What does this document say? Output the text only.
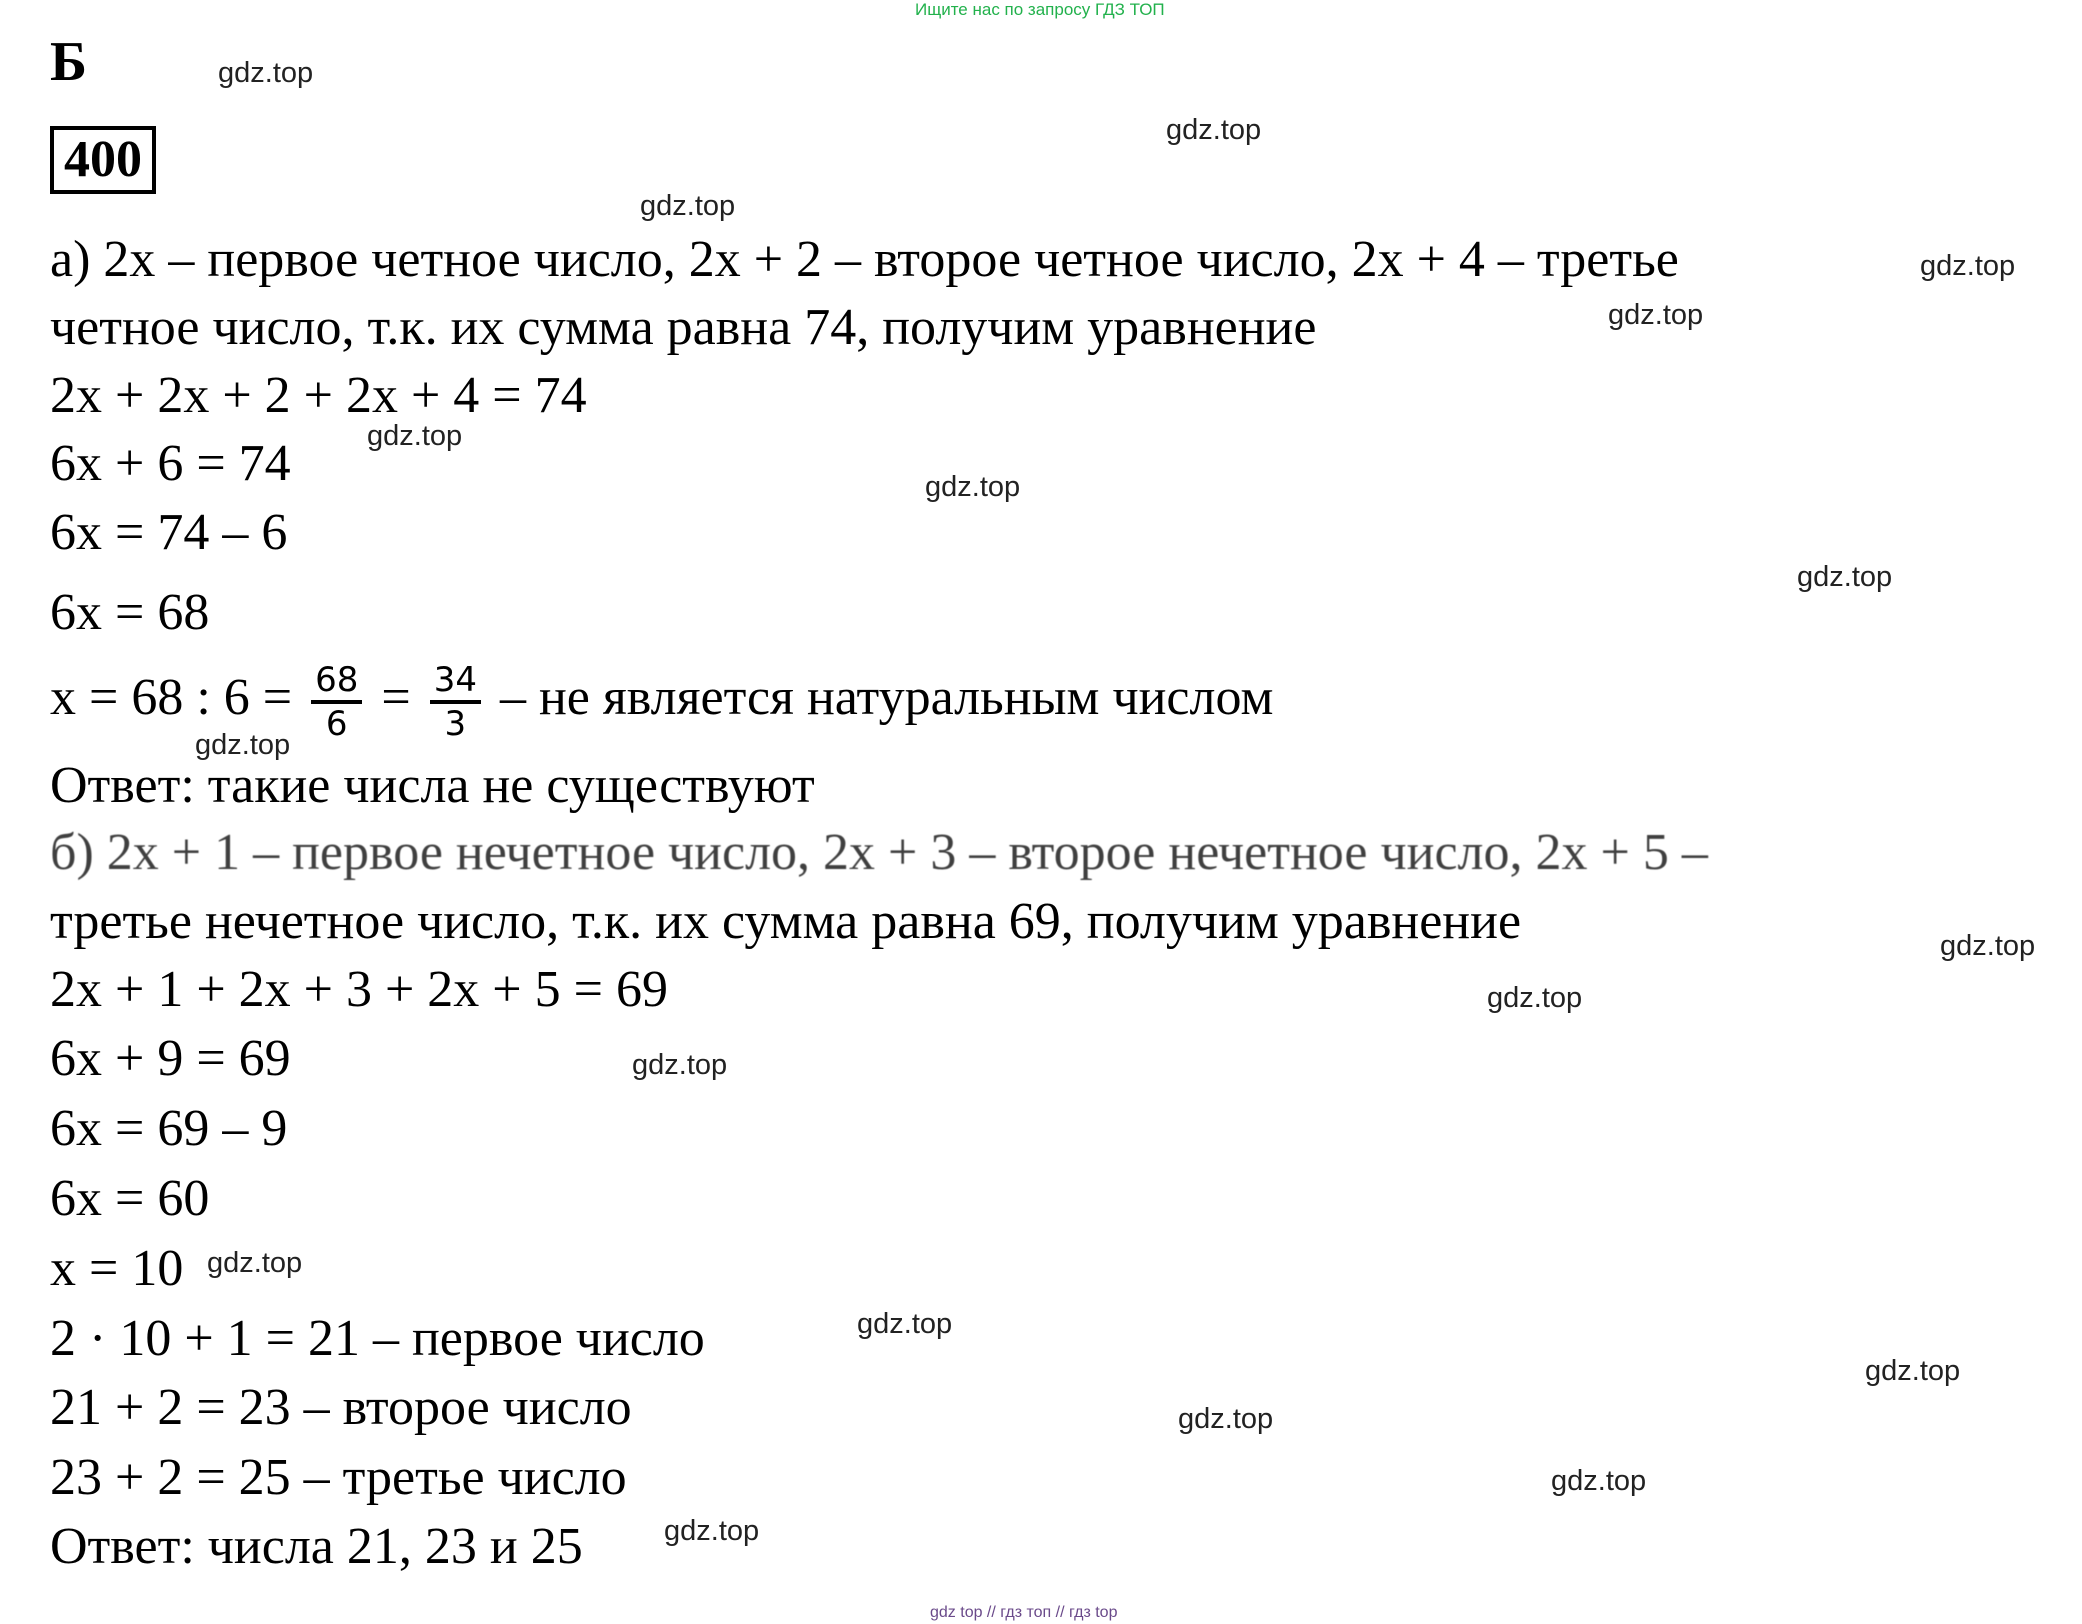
Ищите нас по запросу ГДЗ ТОП
Б
400
а) 2x – первое четное число, 2x + 2 – второе четное число, 2x + 4 – третье
четное число, т.к. их сумма равна 74, получим уравнение
2x + 2x + 2 + 2x + 4 = 74
6x + 6 = 74
6x = 74 – 6
6x = 68
x = 68 : $6 = \frac{68}{6} = \frac{34}{3}$ – не является натуральным числом
Ответ: такие числа не существуют
б) 2x + 1 – первое нечетное число, 2x + 3 – второе нечетное число, 2x + 5 –
третье нечетное число, т.к. их сумма равна 69, получим уравнение
2x + 1 + 2x + 3 + 2x + 5 = 69
6x + 9 = 69
6x = 69 – 9
6x = 60
x = 10
2 · 10 + 1 = 21 – первое число
21 + 2 = 23 – второе число
23 + 2 = 25 – третье число
Ответ: числа 21, 23 и 25
gdz.top
gdz.top
gdz.top
gdz.top
gdz.top
gdz.top
gdz.top
gdz.top
gdz.top
gdz.top
gdz.top
gdz.top
gdz.top
gdz.top
gdz.top
gdz.top
gdz.top
gdz.top
gdz top // гдз топ // гдз top
